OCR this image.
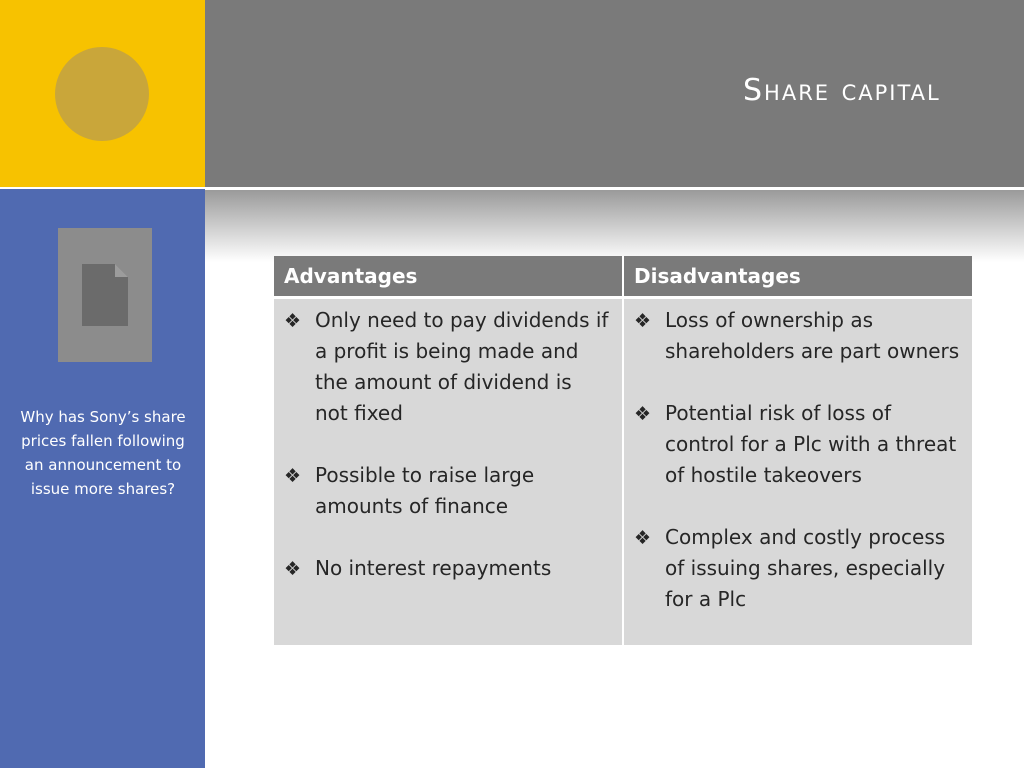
Share capital
Why has Sony’s share prices fallen following an announcement to issue more shares?
Advantages	Disadvantages
❖ Only need to pay dividends if a profit is being made and the amount of dividend is not fixed
❖ Possible to raise large amounts of finance
❖ No interest repayments
❖ Loss of ownership as shareholders are part owners
❖ Potential risk of loss of control for a Plc with a threat of hostile takeovers
❖ Complex and costly process of issuing shares, especially for a Plc
